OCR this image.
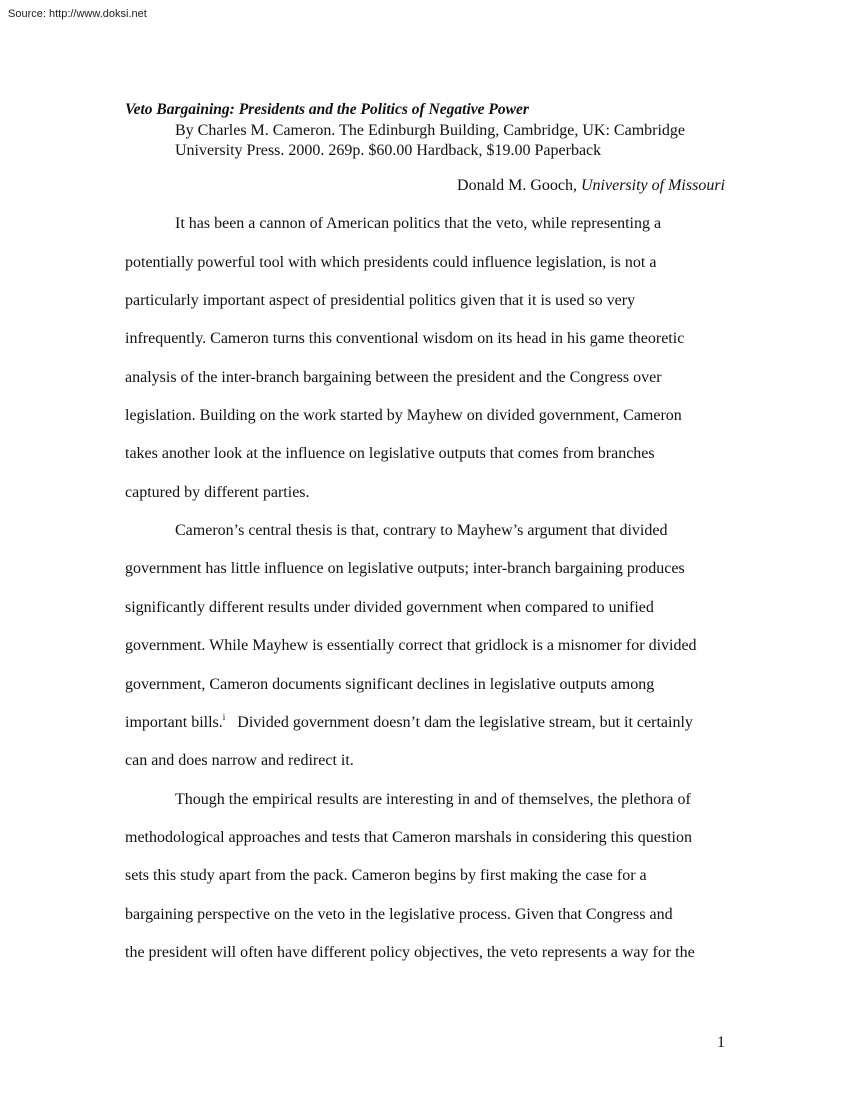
Source: http://www.doksi.net
Veto Bargaining: Presidents and the Politics of Negative Power
By Charles M. Cameron. The Edinburgh Building, Cambridge, UK: Cambridge
University Press. 2000. 269p. $60.00 Hardback, $19.00 Paperback
Donald M. Gooch, University of Missouri
It has been a cannon of American politics that the veto, while representing a
potentially powerful tool with which presidents could influence legislation, is not a
particularly important aspect of presidential politics given that it is used so very
infrequently. Cameron turns this conventional wisdom on its head in his game theoretic
analysis of the inter-branch bargaining between the president and the Congress over
legislation. Building on the work started by Mayhew on divided government, Cameron
takes another look at the influence on legislative outputs that comes from branches
captured by different parties.
Cameron’s central thesis is that, contrary to Mayhew’s argument that divided
government has little influence on legislative outputs; inter-branch bargaining produces
significantly different results under divided government when compared to unified
government. While Mayhew is essentially correct that gridlock is a misnomer for divided
government, Cameron documents significant declines in legislative outputs among
important bills.$^i$   Divided government doesn’t dam the legislative stream, but it certainly
can and does narrow and redirect it.
Though the empirical results are interesting in and of themselves, the plethora of
methodological approaches and tests that Cameron marshals in considering this question
sets this study apart from the pack. Cameron begins by first making the case for a
bargaining perspective on the veto in the legislative process. Given that Congress and
the president will often have different policy objectives, the veto represents a way for the
1
